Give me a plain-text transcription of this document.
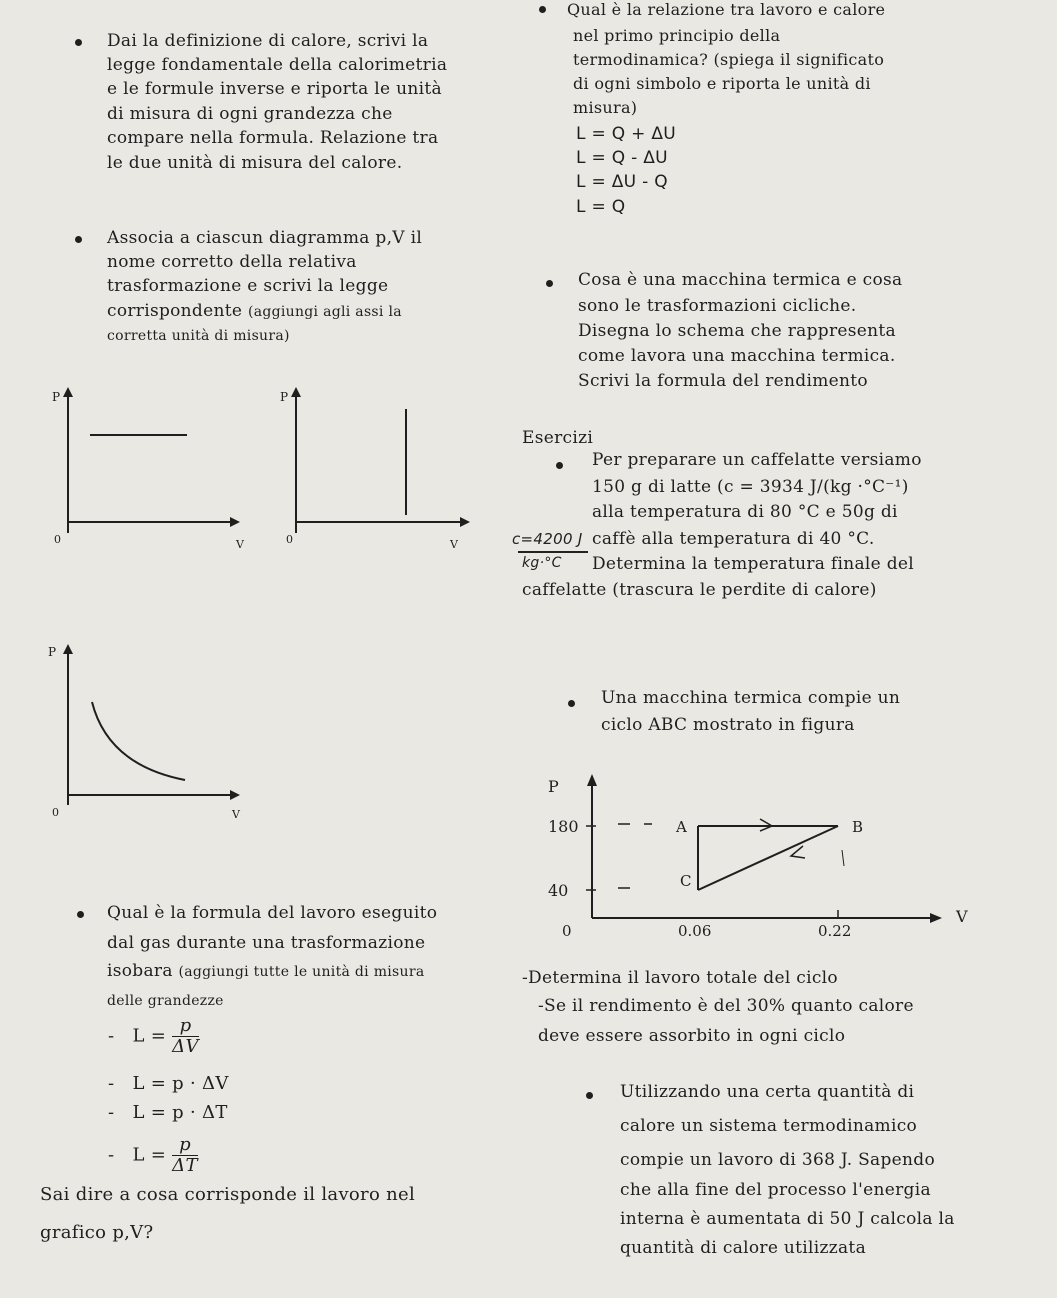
Qual è la relazione tra lavoro e calore
nel primo principio della
termodinamica? (spiega il significato
di ogni simbolo e riporta le unità di
misura)
L = Q + ΔU
L = Q - ΔU
L = ΔU - Q
L = Q
Dai la definizione di calore, scrivi la
legge fondamentale della calorimetria
e le formule inverse e riporta le unità
di misura di ogni grandezza che
compare nella formula. Relazione tra
le due unità di misura del calore.
Associa a ciascun diagramma p,V il
nome corretto della relativa
trasformazione e scrivi la legge
corrispondente (aggiungi agli assi la
corretta unità di misura)
P
V
0
P
V
0
P
V
0
Cosa è una macchina termica e cosa
sono le trasformazioni cicliche.
Disegna lo schema che rappresenta
come lavora una macchina termica.
Scrivi la formula del rendimento
Esercizi
Per preparare un caffelatte versiamo
150 g di latte (c = 3934 J/(kg ·°C⁻¹)
alla temperatura di 80 °C e 50g di
caffè alla temperatura di 40 °C.
Determina la temperatura finale del
caffelatte (trascura le perdite di calore)
c=4200 J
kg·°C
Una macchina termica compie un
ciclo ABC mostrato in figura
P
V
180
40
0	0.06	0.22
A	B
C
-Determina il lavoro totale del ciclo
-Se il rendimento è del 30% quanto calore
deve essere assorbito in ogni ciclo
Utilizzando una certa quantità di
calore un sistema termodinamico
compie un lavoro di 368 J. Sapendo
che alla fine del processo l'energia
interna è aumentata di 50 J calcola la
quantità di calore utilizzata
Qual è la formula del lavoro eseguito
dal gas durante una trasformazione
isobara (aggiungi tutte le unità di misura
delle grandezze
- $L = \frac{p}{\Delta V}$
- L = p · ΔV
- L = p · ΔT
- $L = \frac{p}{\Delta T}$
Sai dire a cosa corrisponde il lavoro nel
grafico p,V?
